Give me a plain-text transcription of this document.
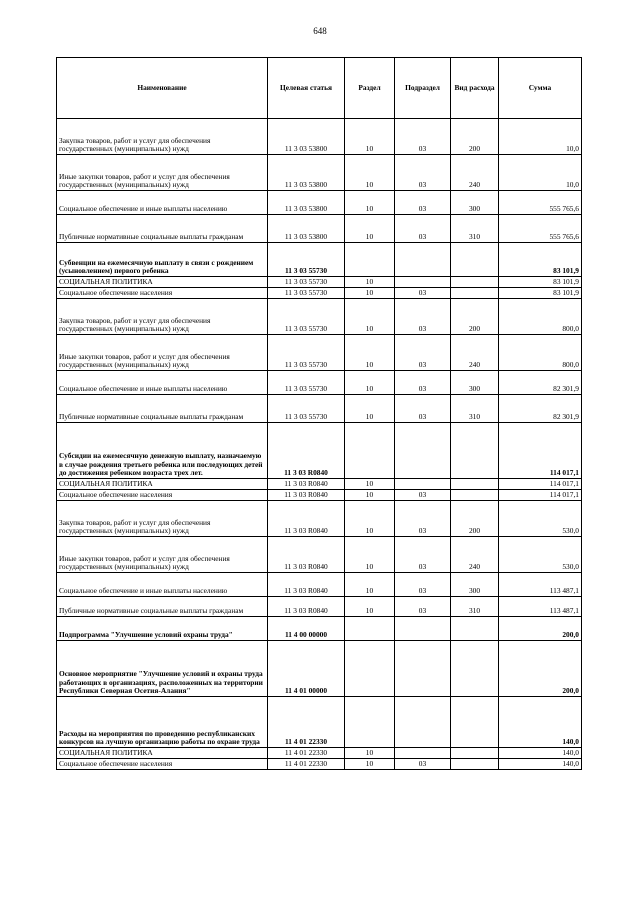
648
Наименование	Целевая статья	Раздел	Подраздел	Вид расхода	Сумма
Закупка товаров, работ и услуг для обеспечения государственных (муниципальных) нужд	11 3 03 53800	10	03	200	10,0
Иные закупки товаров, работ и услуг для обеспечения государственных (муниципальных) нужд	11 3 03 53800	10	03	240	10,0
Социальное обеспечение и иные выплаты населению	11 3 03 53800	10	03	300	555 765,6
Публичные нормативные социальные выплаты гражданам	11 3 03 53800	10	03	310	555 765,6
Субвенции на ежемесячную выплату в связи с рождением (усыновлением) первого ребенка	11 3 03 55730				83 101,9
СОЦИАЛЬНАЯ ПОЛИТИКА	11 3 03 55730	10			83 101,9
Социальное обеспечение населения	11 3 03 55730	10	03		83 101,9
Закупка товаров, работ и услуг для обеспечения государственных (муниципальных) нужд	11 3 03 55730	10	03	200	800,0
Иные закупки товаров, работ и услуг для обеспечения государственных (муниципальных) нужд	11 3 03 55730	10	03	240	800,0
Социальное обеспечение и иные выплаты населению	11 3 03 55730	10	03	300	82 301,9
Публичные нормативные социальные выплаты гражданам	11 3 03 55730	10	03	310	82 301,9
Субсидии на ежемесячную денежную выплату, назначаемую в случае рождения третьего ребенка или последующих детей до достижения ребенком возраста трех лет.	11 3 03 R0840				114 017,1
СОЦИАЛЬНАЯ ПОЛИТИКА	11 3 03 R0840	10			114 017,1
Социальное обеспечение населения	11 3 03 R0840	10	03		114 017,1
Закупка товаров, работ и услуг для обеспечения государственных (муниципальных) нужд	11 3 03 R0840	10	03	200	530,0
Иные закупки товаров, работ и услуг для обеспечения государственных (муниципальных) нужд	11 3 03 R0840	10	03	240	530,0
Социальное обеспечение и иные выплаты населению	11 3 03 R0840	10	03	300	113 487,1
Публичные нормативные социальные выплаты гражданам	11 3 03 R0840	10	03	310	113 487,1
Подпрограмма "Улучшение условий охраны труда"	11 4 00 00000				200,0
Основное мероприятие "Улучшение условий и охраны труда работающих в организациях, расположенных на территории Республики Северная Осетия-Алания"	11 4 01 00000				200,0
Расходы на мероприятия по проведению республиканских конкурсов на лучшую организацию работы по охране труда	11 4 01 22330				140,0
СОЦИАЛЬНАЯ ПОЛИТИКА	11 4 01 22330	10			140,0
Социальное обеспечение населения	11 4 01 22330	10	03		140,0
